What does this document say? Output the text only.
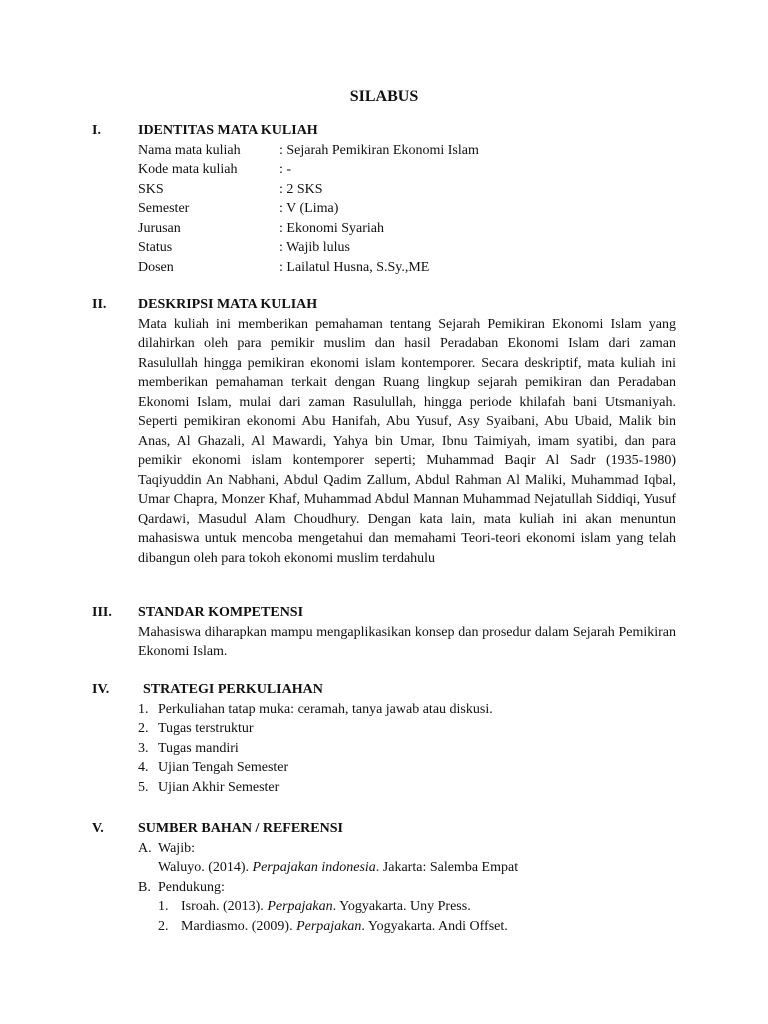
SILABUS
I.	IDENTITAS MATA KULIAH
Nama mata kuliah	: Sejarah Pemikiran Ekonomi Islam
Kode mata kuliah	: -
SKS	: 2 SKS
Semester	: V (Lima)
Jurusan	: Ekonomi Syariah
Status	: Wajib lulus
Dosen	: Lailatul Husna, S.Sy.,ME
II. DESKRIPSI MATA KULIAH
Mata kuliah ini memberikan pemahaman tentang Sejarah Pemikiran Ekonomi Islam yang dilahirkan oleh para pemikir muslim dan hasil Peradaban Ekonomi Islam dari zaman Rasulullah hingga pemikiran ekonomi islam kontemporer. Secara deskriptif, mata kuliah ini memberikan pemahaman terkait dengan Ruang lingkup sejarah pemikiran dan Peradaban Ekonomi Islam, mulai dari zaman Rasulullah, hingga periode khilafah bani Utsmaniyah. Seperti pemikiran ekonomi Abu Hanifah, Abu Yusuf, Asy Syaibani, Abu Ubaid, Malik bin Anas, Al Ghazali, Al Mawardi, Yahya bin Umar, Ibnu Taimiyah, imam syatibi, dan para pemikir ekonomi islam kontemporer seperti; Muhammad Baqir Al Sadr (1935-1980) Taqiyuddin An Nabhani, Abdul Qadim Zallum, Abdul Rahman Al Maliki, Muhammad Iqbal, Umar Chapra, Monzer Khaf, Muhammad Abdul Mannan Muhammad Nejatullah Siddiqi, Yusuf Qardawi, Masudul Alam Choudhury. Dengan kata lain, mata kuliah ini akan menuntun mahasiswa untuk mencoba mengetahui dan memahami Teori-teori ekonomi islam yang telah dibangun oleh para tokoh ekonomi muslim terdahulu
III. STANDAR KOMPETENSI
Mahasiswa diharapkan mampu mengaplikasikan konsep dan prosedur dalam Sejarah Pemikiran Ekonomi Islam.
IV. STRATEGI PERKULIAHAN
1. Perkuliahan tatap muka: ceramah, tanya jawab atau diskusi.
2. Tugas terstruktur
3. Tugas mandiri
4. Ujian Tengah Semester
5. Ujian Akhir Semester
V. SUMBER BAHAN / REFERENSI
A. Wajib:
Waluyo. (2014). Perpajakan indonesia. Jakarta: Salemba Empat
B. Pendukung:
1. Isroah. (2013). Perpajakan. Yogyakarta. Uny Press.
2. Mardiasmo. (2009). Perpajakan. Yogyakarta. Andi Offset.
